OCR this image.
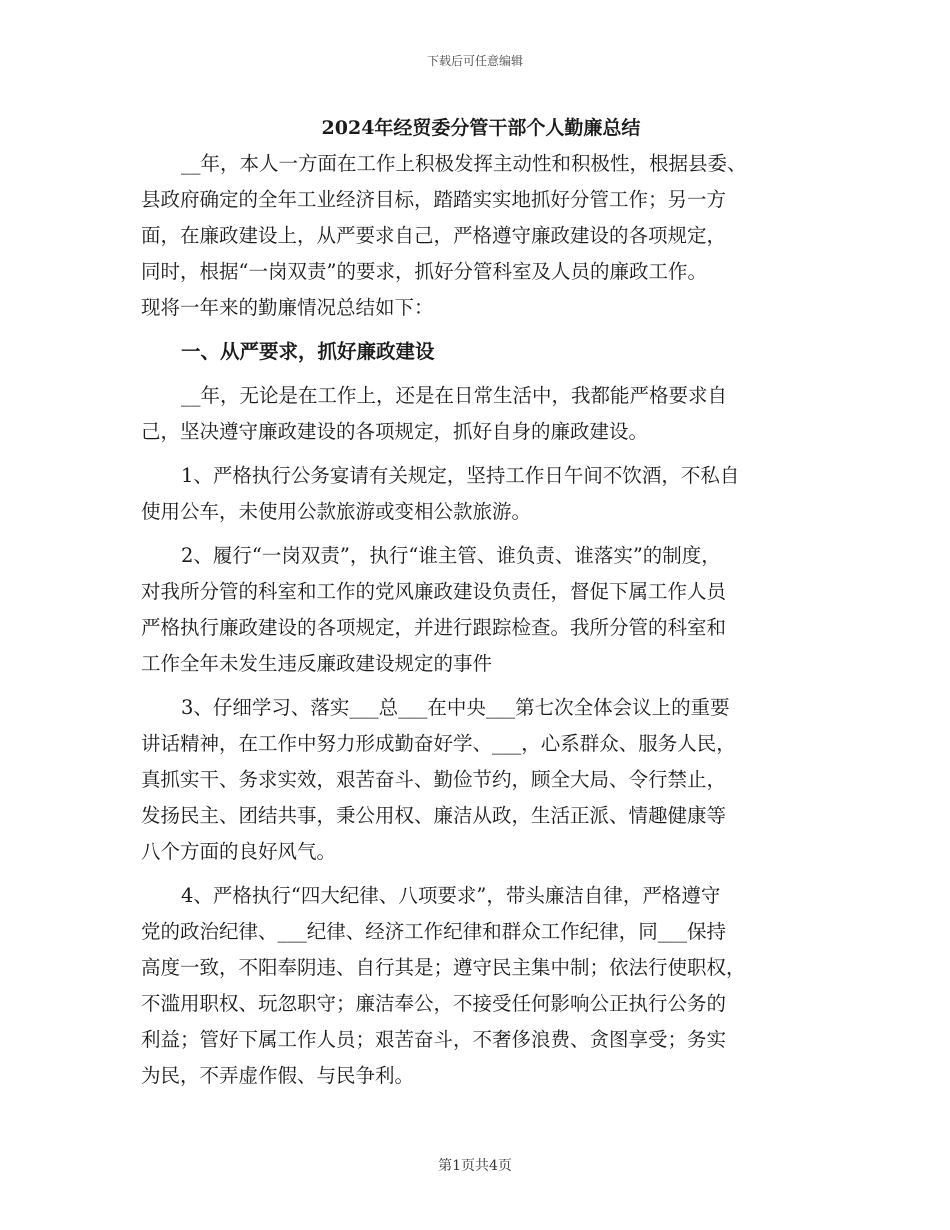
下载后可任意编辑
2024年经贸委分管干部个人勤廉总结
__年，本人一方面在工作上积极发挥主动性和积极性，根据县委、
县政府确定的全年工业经济目标，踏踏实实地抓好分管工作；另一方
面，在廉政建设上，从严要求自己，严格遵守廉政建设的各项规定，
同时，根据“一岗双责”的要求，抓好分管科室及人员的廉政工作。
现将一年来的勤廉情况总结如下：
一、从严要求，抓好廉政建设
__年，无论是在工作上，还是在日常生活中，我都能严格要求自
己，坚决遵守廉政建设的各项规定，抓好自身的廉政建设。
1、严格执行公务宴请有关规定，坚持工作日午间不饮酒，不私自
使用公车，未使用公款旅游或变相公款旅游。
2、履行“一岗双责”，执行“谁主管、谁负责、谁落实”的制度，
对我所分管的科室和工作的党风廉政建设负责任，督促下属工作人员
严格执行廉政建设的各项规定，并进行跟踪检查。我所分管的科室和
工作全年未发生违反廉政建设规定的事件
3、仔细学习、落实___总___在中央___第七次全体会议上的重要
讲话精神，在工作中努力形成勤奋好学、___，心系群众、服务人民，
真抓实干、务求实效，艰苦奋斗、勤俭节约，顾全大局、令行禁止，
发扬民主、团结共事，秉公用权、廉洁从政，生活正派、情趣健康等
八个方面的良好风气。
4、严格执行“四大纪律、八项要求”，带头廉洁自律，严格遵守
党的政治纪律、___纪律、经济工作纪律和群众工作纪律，同___保持
高度一致，不阳奉阴违、自行其是；遵守民主集中制；依法行使职权，
不滥用职权、玩忽职守；廉洁奉公，不接受任何影响公正执行公务的
利益；管好下属工作人员；艰苦奋斗，不奢侈浪费、贪图享受；务实
为民，不弄虚作假、与民争利。
第1页共4页
